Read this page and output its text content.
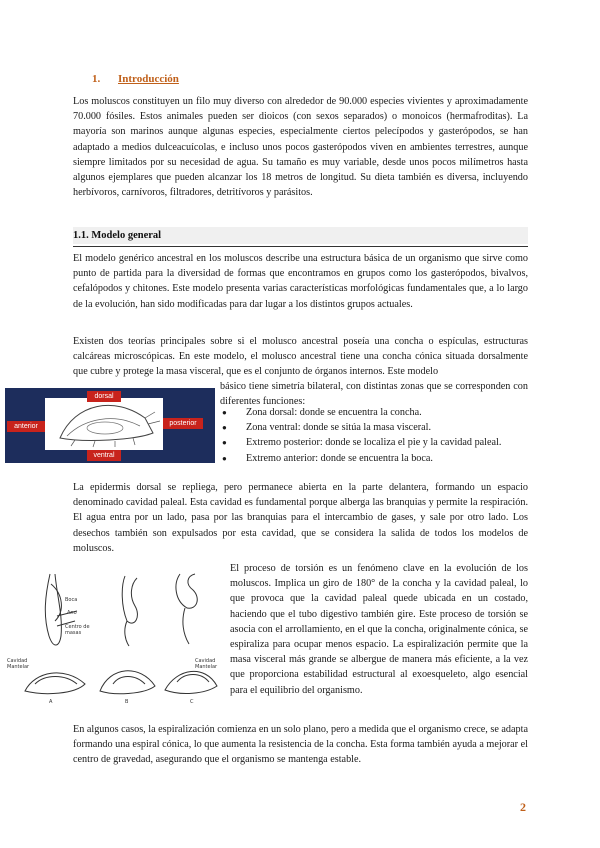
1. Introducción

Los moluscos constituyen un filo muy diverso con alrededor de 90.000 especies vivientes y aproximadamente 70.000 fósiles. Estos animales pueden ser dioicos (con sexos separados) o monoicos (hermafroditas). La mayoría son marinos aunque algunas especies, especialmente ciertos pelecípodos y gasterópodos, se han adaptado a medios dulceacuícolas, e incluso unos pocos gasterópodos viven en ambientes terrestres, aunque siempre limitados por su necesidad de agua. Su tamaño es muy variable, desde unos pocos milímetros hasta algunos ejemplares que pueden alcanzar los 18 metros de longitud. Su dieta también es diversa, incluyendo herbívoros, carnívoros, filtradores, detritívoros y parásitos.

1.1. Modelo general

El modelo genérico ancestral en los moluscos describe una estructura básica de un organismo que sirve como punto de partida para la diversidad de formas que encontramos en grupos como los gasterópodos, bivalvos, cefalópodos y chitones. Este modelo presenta varias características morfológicas fundamentales que, a lo largo de la evolución, han sido modificadas para dar lugar a los distintos grupos actuales.

Existen dos teorías principales sobre si el molusco ancestral poseía una concha o espículas, estructuras calcáreas microscópicas. En este modelo, el molusco ancestral tiene una concha cónica situada dorsalmente que cubre y protege la masa visceral, que es el conjunto de órganos internos. Este modelo

dorsal
anterior	posterior
ventral

básico tiene simetría bilateral, con distintas zonas que se corresponden con diferentes funciones:

● Zona dorsal: donde se encuentra la concha.
● Zona ventral: donde se sitúa la masa visceral.
● Extremo posterior: donde se localiza el pie y la cavidad paleal.
● Extremo anterior: donde se encuentra la boca.

La epidermis dorsal se repliega, pero permanece abierta en la parte delantera, formando un espacio denominado cavidad paleal. Esta cavidad es fundamental porque alberga las branquias y permite la respiración. El agua entra por un lado, pasa por las branquias para el intercambio de gases, y sale por otro lado. Los desechos también son expulsados por esta cavidad, que se considera la salida de todos los modelos de moluscos.

Boca
Ano
Centro de
masas
Cavidad
Mantelar
Cavidad
Mantelar
A	B	C

El proceso de torsión es un fenómeno clave en la evolución de los moluscos. Implica un giro de 180° de la concha y la cavidad paleal, lo que provoca que la cavidad paleal quede ubicada en un costado, haciendo que el tubo digestivo también gire. Este proceso de torsión se asocia con el arrollamiento, en el que la concha, originalmente cónica, se espiraliza para ocupar menos espacio. La espiralización permite que la masa visceral más grande se albergue de manera más eficiente, a la vez que proporciona estabilidad estructural al exoesqueleto, algo esencial para el equilibrio del organismo.

En algunos casos, la espiralización comienza en un solo plano, pero a medida que el organismo crece, se adapta formando una espiral cónica, lo que aumenta la resistencia de la concha. Esta forma también ayuda a mejorar el centro de gravedad, asegurando que el organismo se mantenga estable.

2
